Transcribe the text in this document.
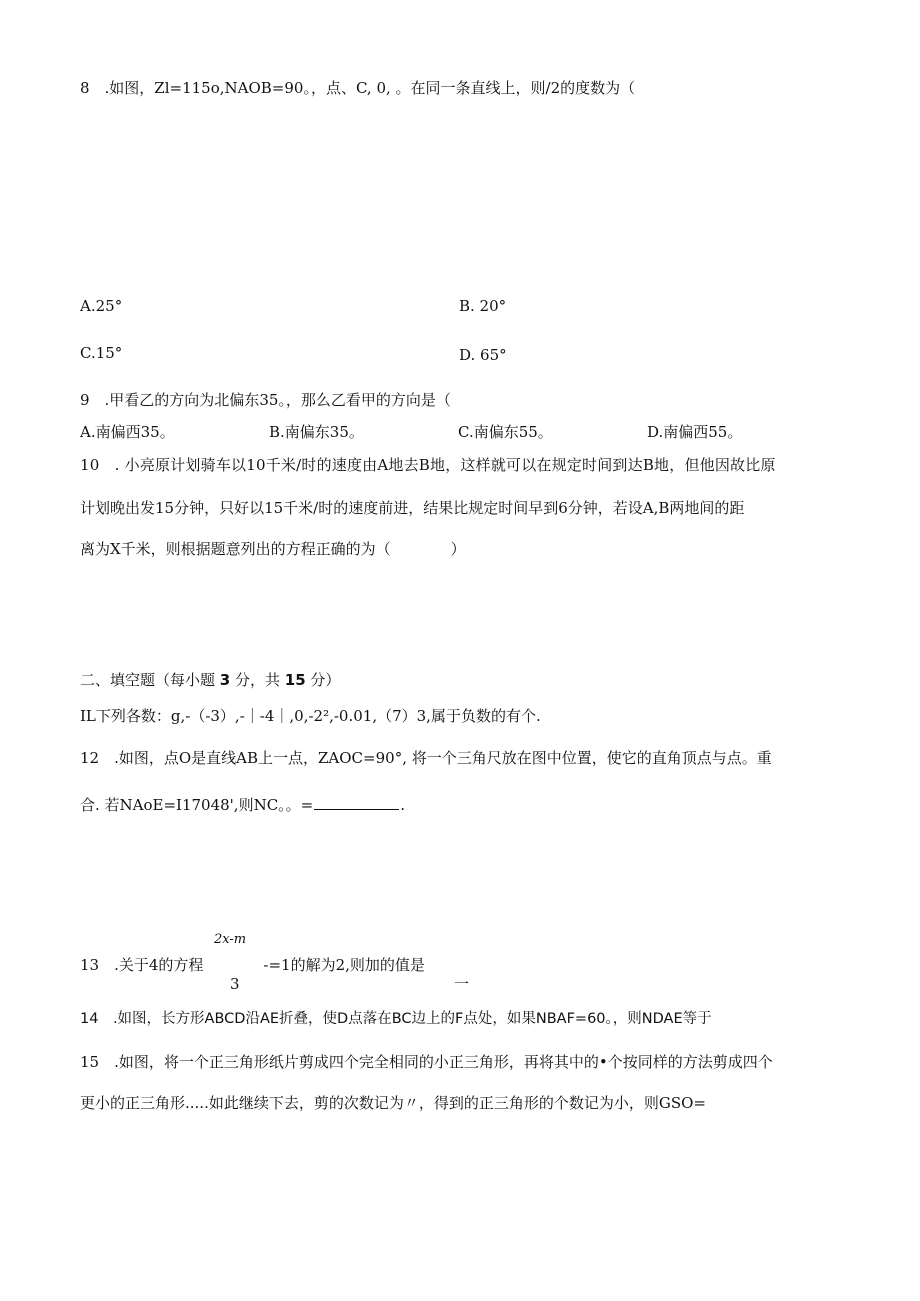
8　.如图，Zl=115o,NAOB=90。，点、C, 0, 。在同一条直线上，则/2的度数为（
A.25°	B. 20°
C.15°	D. 65°
9　.甲看乙的方向为北偏东35。，那么乙看甲的方向是（
A.南偏西35。	B.南偏东35。	C.南偏东55。	D.南偏西55。
10　. 小亮原计划骑车以10千米/时的速度由A地去B地，这样就可以在规定时间到达B地，但他因故比原
计划晚出发15分钟，只好以15千米/时的速度前进，结果比规定时间早到6分钟，若设A,B两地间的距
离为X千米，则根据题意列出的方程正确的为（　　　　）
二、填空题（每小题 3 分，共 15 分）
IL下列各数：g,-（-3）,-｜-4｜,0,-2²,-0.01,（7）3,属于负数的有个.
12　.如图，点O是直线AB上一点，ZAOC=90°, 将一个三角尺放在图中位置，使它的直角顶点与点。重
合. 若NAoE=I17048',则NC。。=	.
2x-m
13　.关于4的方程　　　　-=1的解为2,则加的值是
3	一
14　.如图，长方形ABCD沿AE折叠，使D点落在BC边上的F点处，如果NBAF=60。，则NDAE等于
15　.如图，将一个正三角形纸片剪成四个完全相同的小正三角形，再将其中的•个按同样的方法剪成四个
更小的正三角形.....如此继续下去，剪的次数记为〃，得到的正三角形的个数记为小，则GSO=
